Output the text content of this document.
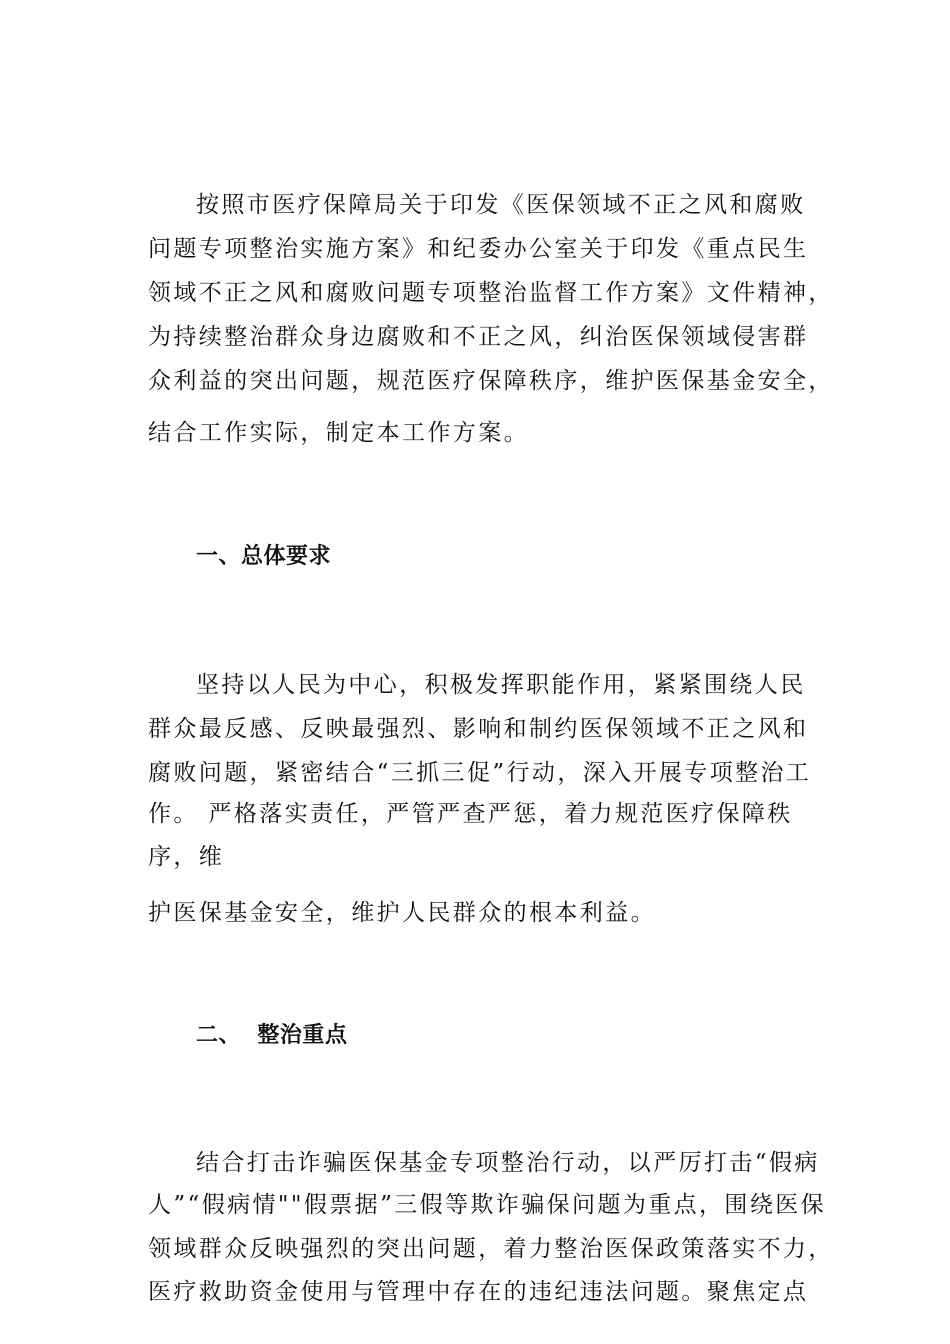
按照市医疗保障局关于印发《医保领域不正之风和腐败
问题专项整治实施方案》和纪委办公室关于印发《重点民生
领域不正之风和腐败问题专项整治监督工作方案》文件精神，
为持续整治群众身边腐败和不正之风，纠治医保领域侵害群
众利益的突出问题，规范医疗保障秩序，维护医保基金安全，
结合工作实际，制定本工作方案。
一、总体要求
坚持以人民为中心，积极发挥职能作用，紧紧围绕人民
群众最反感、反映最强烈、影响和制约医保领域不正之风和
腐败问题，紧密结合“三抓三促”行动，深入开展专项整治工
作。 严格落实责任，严管严查严惩，着力规范医疗保障秩
序，维
护医保基金安全，维护人民群众的根本利益。
二、  整治重点
结合打击诈骗医保基金专项整治行动，以严厉打击“假病
人”“假病情""假票据”三假等欺诈骗保问题为重点，围绕医保
领域群众反映强烈的突出问题，着力整治医保政策落实不力，
医疗救助资金使用与管理中存在的违纪违法问题。聚焦定点
